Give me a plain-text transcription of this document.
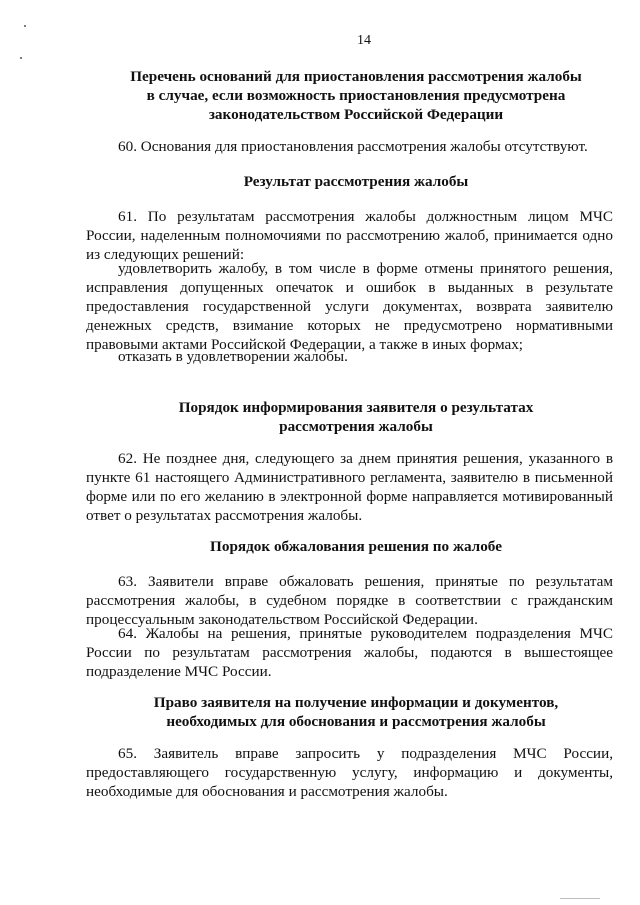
14
Перечень оснований для приостановления рассмотрения жалобы
в случае, если возможность приостановления предусмотрена
законодательством Российской Федерации
60. Основания для приостановления рассмотрения жалобы отсутствуют.
Результат рассмотрения жалобы
61. По результатам рассмотрения жалобы должностным лицом МЧС России, наделенным полномочиями по рассмотрению жалоб, принимается одно из следующих решений:
удовлетворить жалобу, в том числе в форме отмены принятого решения, исправления допущенных опечаток и ошибок в выданных в результате предоставления государственной услуги документах, возврата заявителю денежных средств, взимание которых не предусмотрено нормативными правовыми актами Российской Федерации, а также в иных формах;
отказать в удовлетворении жалобы.
Порядок информирования заявителя о результатах
рассмотрения жалобы
62. Не позднее дня, следующего за днем принятия решения, указанного в пункте 61 настоящего Административного регламента, заявителю в письменной форме или по его желанию в электронной форме направляется мотивированный ответ о результатах рассмотрения жалобы.
Порядок обжалования решения по жалобе
63. Заявители вправе обжаловать решения, принятые по результатам рассмотрения жалобы, в судебном порядке в соответствии с гражданским процессуальным законодательством Российской Федерации.
64. Жалобы на решения, принятые руководителем подразделения МЧС России по результатам рассмотрения жалобы, подаются в вышестоящее подразделение МЧС России.
Право заявителя на получение информации и документов,
необходимых для обоснования и рассмотрения жалобы
65. Заявитель вправе запросить у подразделения МЧС России, предоставляющего государственную услугу, информацию и документы, необходимые для обоснования и рассмотрения жалобы.
